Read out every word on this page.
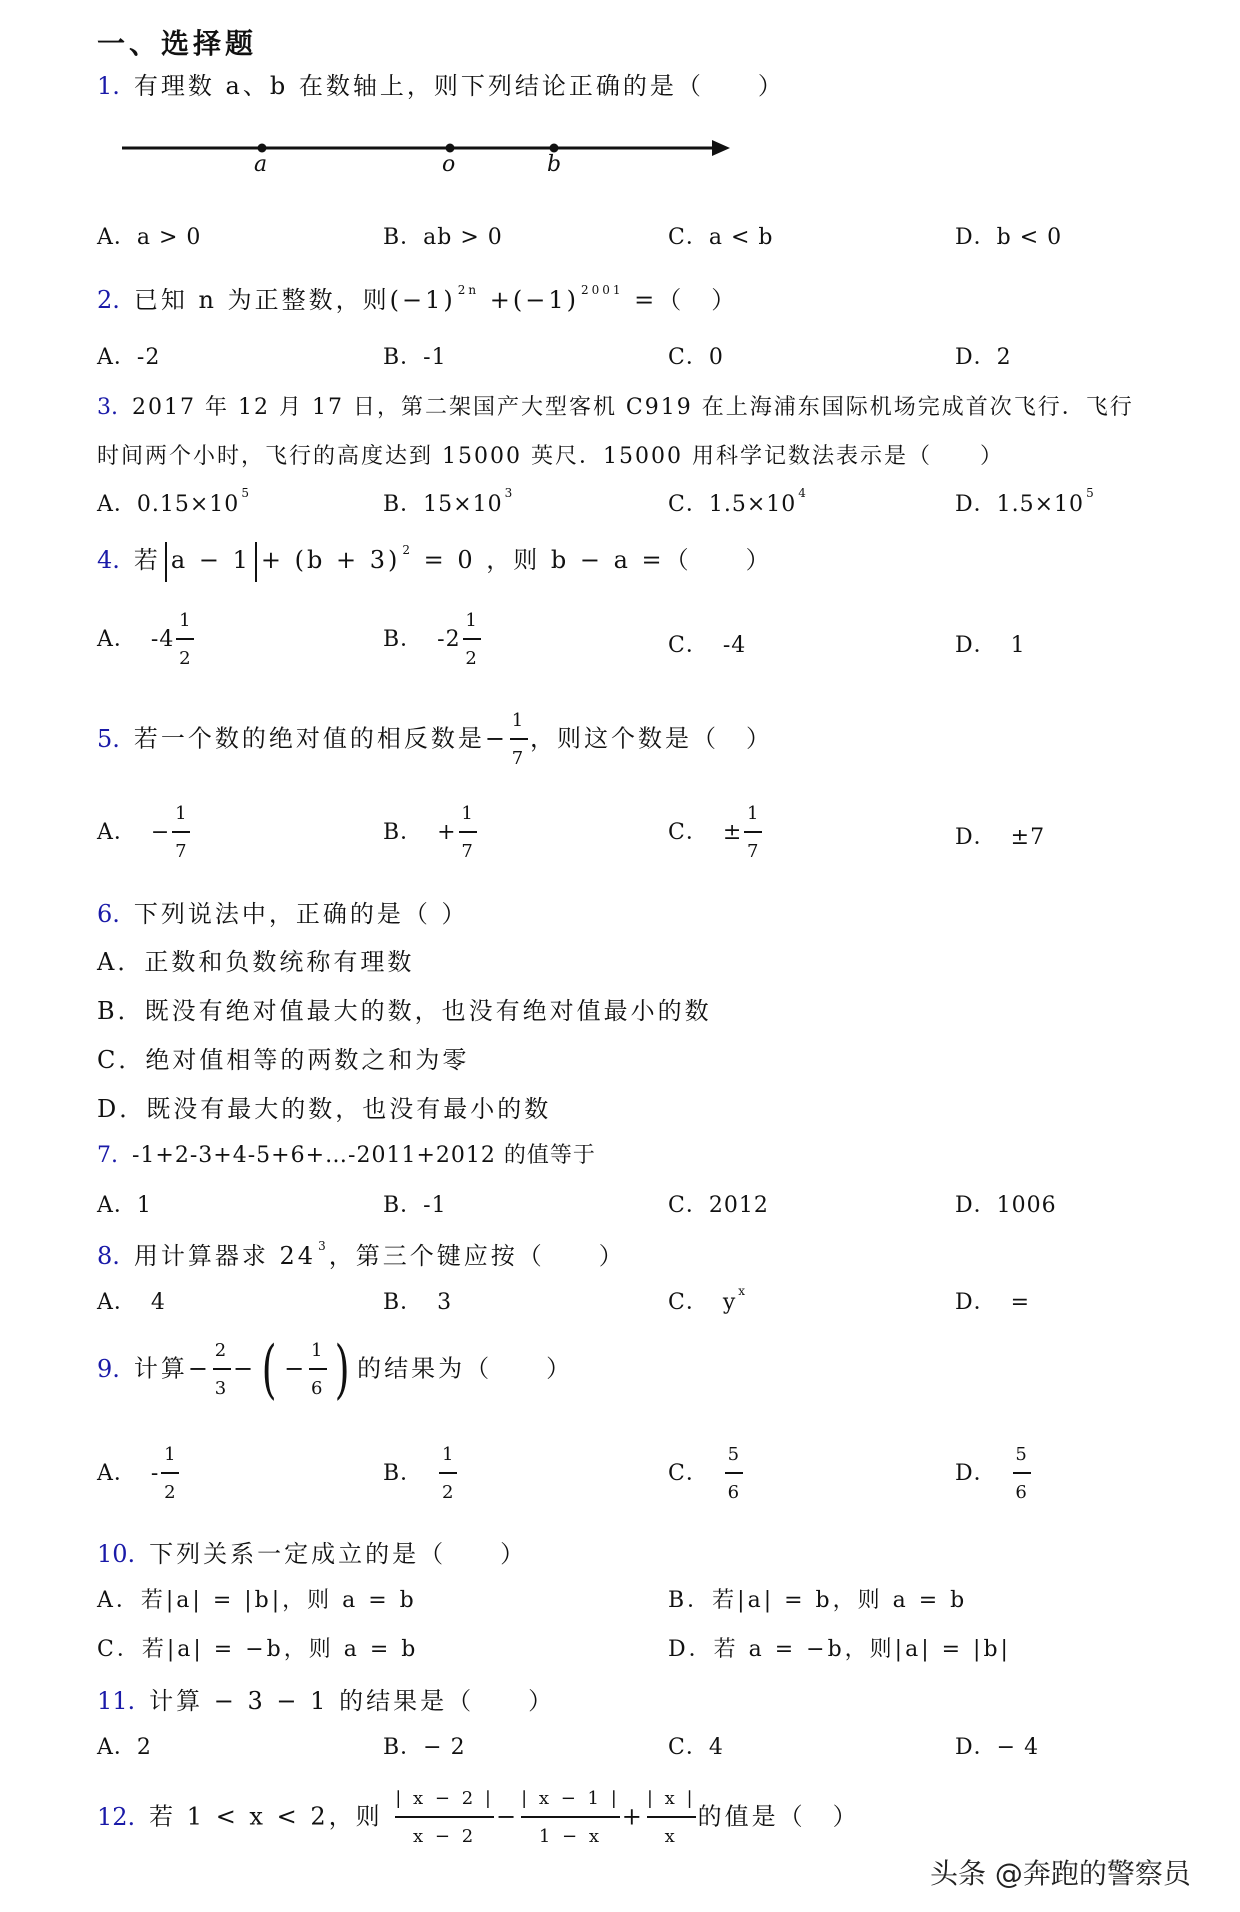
一、选择题
1. 有理数 a、b 在数轴上，则下列结论正确的是（　　）
a	o	b
A．a > 0	B．ab > 0	C．a < b	D．b < 0
2. 已知 n 为正整数，则(−1) $^{2n}$ +(−1) $^{2001}$ =（　）
A．-2	B．-1	C．0	D．2
3. 2017 年 12 月 17 日，第二架国产大型客机 C919 在上海浦东国际机场完成首次飞行．飞行
时间两个小时，飞行的高度达到 15000 英尺．15000 用科学记数法表示是（　　）
A．0.15×10 $^5$	B．15×10 $^3$	C．1.5×10 $^4$	D．1.5×10 $^5$
4. 若 a − 1 + (b + 3) $^2$ = 0 ，则 b − a =（　　）
A． $-4 \frac{1}{2}$	B． $-2 \frac{1}{2}$	C． -4	D． 1
5. 若一个数的绝对值的相反数是− $\frac{1}{7}$ ，则这个数是（　）
A． − $\frac{1}{7}$	B． + $\frac{1}{7}$	C． ± $\frac{1}{7}$	D． ±7
6. 下列说法中，正确的是（ ）
A．正数和负数统称有理数
B．既没有绝对值最大的数，也没有绝对值最小的数
C．绝对值相等的两数之和为零
D．既没有最大的数，也没有最小的数
7. -1+2-3+4-5+6+…-2011+2012 的值等于
A．1	B．-1	C．2012	D．1006
8. 用计算器求 24 $^3$，第三个键应按（　　）
A． 4	B． 3	C． y $^x$	D． =
9. 计算− $\frac{2}{3}$ −( − $\frac{1}{6}$ ) 的结果为（　　）
A． - $\frac{1}{2}$	B． $\frac{1}{2}$	C． $\frac{5}{6}$	D． $\frac{5}{6}$
10. 下列关系一定成立的是（　　）
A．若|a| = |b|，则 a = b	B．若|a| = b，则 a = b
C．若|a| = −b，则 a = b	D．若 a = −b，则|a| = |b|
11. 计算 − 3 − 1 的结果是（　　）
A．2	B．− 2	C．4	D．− 4
12. 若 1 < x < 2，则 $\frac{| x - 2 |}{x - 2} - \frac{| x - 1 |}{1 - x} + \frac{| x |}{x}$ 的值是（　）
头条 @奔跑的警察员
